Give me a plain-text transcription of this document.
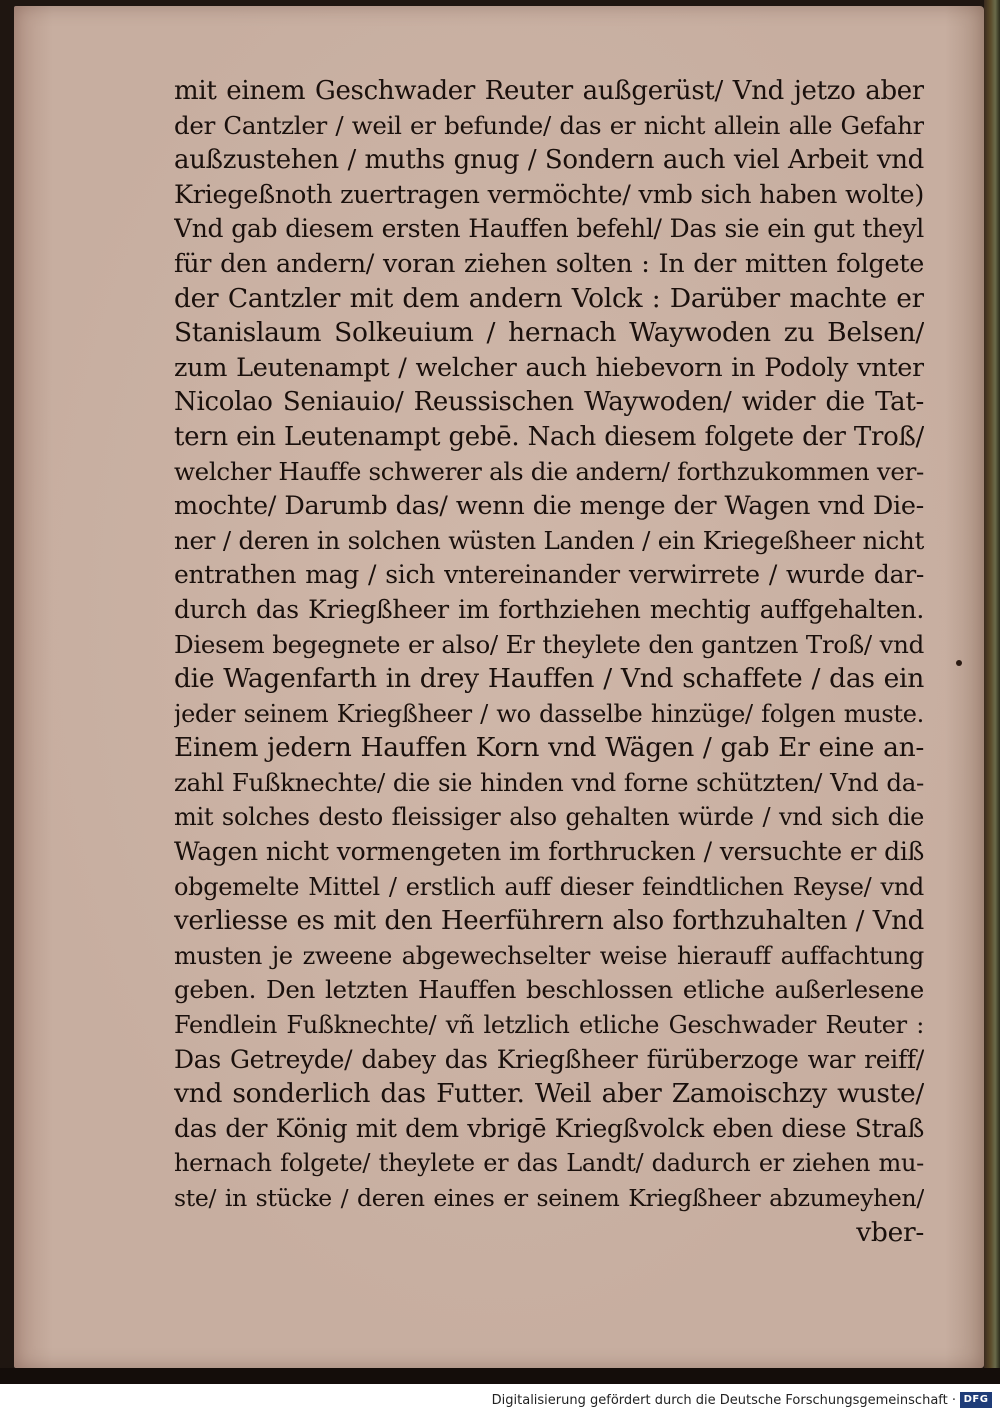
mit einem Geschwader Reuter außgerüst/ Vnd jetzo aber
der Cantzler / weil er befunde/ das er nicht allein alle Gefahr
außzustehen / muths gnug / Sondern auch viel Arbeit vnd
Kriegeßnoth zuertragen vermöchte/ vmb sich haben wolte)
Vnd gab diesem ersten Hauffen befehl/ Das sie ein gut theyl
für den andern/ voran ziehen solten : In der mitten folgete
der Cantzler mit dem andern Volck : Darüber machte er
Stanislaum Solkeuium / hernach Waywoden zu Belsen/
zum Leutenampt / welcher auch hiebevorn in Podoly vnter
Nicolao Seniauio/ Reussischen Waywoden/ wider die Tat-
tern ein Leutenampt gebē. Nach diesem folgete der Troß/
welcher Hauffe schwerer als die andern/ forthzukommen ver-
mochte/ Darumb das/ wenn die menge der Wagen vnd Die-
ner / deren in solchen wüsten Landen / ein Kriegeßheer nicht
entrathen mag / sich vntereinander verwirrete / wurde dar-
durch das Kriegßheer im forthziehen mechtig auffgehalten.
Diesem begegnete er also/ Er theylete den gantzen Troß/ vnd
die Wagenfarth in drey Hauffen / Vnd schaffete / das ein
jeder seinem Kriegßheer / wo dasselbe hinzüge/ folgen muste.
Einem jedern Hauffen Korn vnd Wägen / gab Er eine an-
zahl Fußknechte/ die sie hinden vnd forne schützten/ Vnd da-
mit solches desto fleissiger also gehalten würde / vnd sich die
Wagen nicht vormengeten im forthrucken / versuchte er diß
obgemelte Mittel / erstlich auff dieser feindtlichen Reyse/ vnd
verliesse es mit den Heerführern also forthzuhalten / Vnd
musten je zweene abgewechselter weise hierauff auffachtung
geben. Den letzten Hauffen beschlossen etliche außerlesene
Fendlein Fußknechte/ vñ letzlich etliche Geschwader Reuter :
Das Getreyde/ dabey das Kriegßheer fürüberzoge war reiff/
vnd sonderlich das Futter. Weil aber Zamoischzy wuste/
das der König mit dem vbrigē Kriegßvolck eben diese Straß
hernach folgete/ theylete er das Landt/ dadurch er ziehen mu-
ste/ in stücke / deren eines er seinem Kriegßheer abzumeyhen/
vber-
Digitalisierung gefördert durch die Deutsche Forschungsgemeinschaft · DFG
